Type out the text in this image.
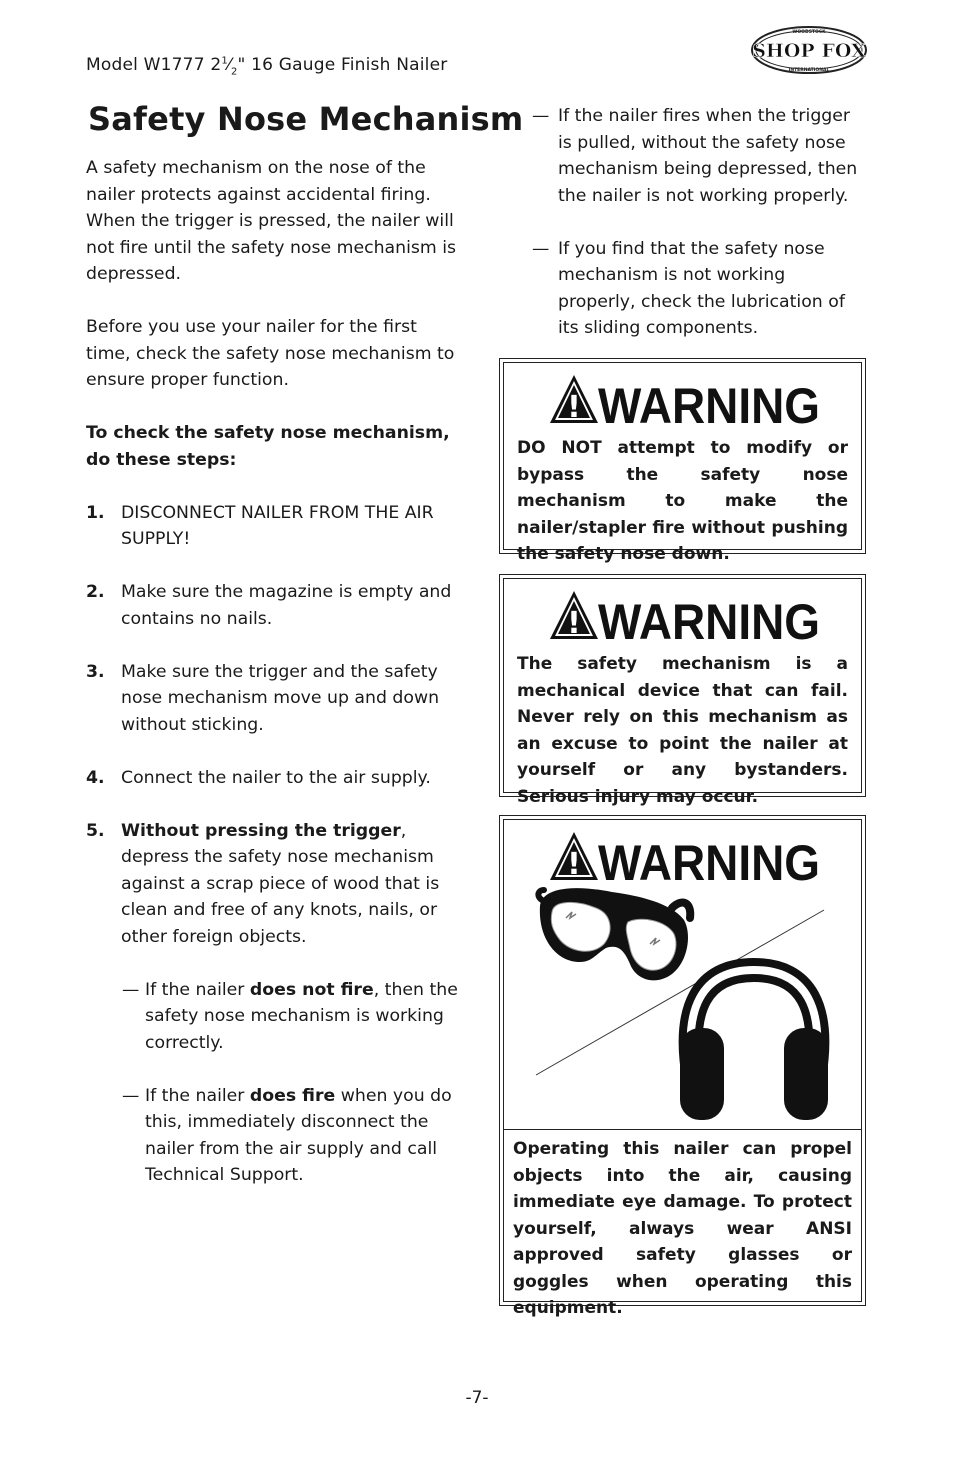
Model W1777 $2^1⁄_2$" 16 Gauge Finish Nailer
WOODSTOCK
SHOP FOX
INTERNATIONAL
Safety Nose Mechanism

A safety mechanism on the nose of the nailer protects against accidental firing. When the trigger is pressed, the nailer will not fire until the safety nose mechanism is depressed.

Before you use your nailer for the first time, check the safety nose mechanism to ensure proper function.

To check the safety nose mechanism, do these steps:

1. DISCONNECT NAILER FROM THE AIR SUPPLY!
2. Make sure the magazine is empty and contains no nails.
3. Make sure the trigger and the safety nose mechanism move up and down without sticking.
4. Connect the nailer to the air supply.
5. Without pressing the trigger, depress the safety nose mechanism against a scrap piece of wood that is clean and free of any knots, nails, or other foreign objects.
— If the nailer does not fire, then the safety nose mechanism is working correctly.
— If the nailer does fire when you do this, immediately disconnect the nailer from the air supply and call Technical Support.
— If the nailer fires when the trigger is pulled, without the safety nose mechanism being depressed, then the nailer is not working properly.
— If you find that the safety nose mechanism is not working properly, check the lubrication of its sliding components.
! WARNING
DO NOT attempt to modify or bypass the safety nose mechanism to make the nailer/stapler fire without pushing the safety nose down.
! WARNING
The safety mechanism is a mechanical device that can fail. Never rely on this mechanism as an excuse to point the nailer at yourself or any bystanders. Serious injury may occur.
! WARNING
Operating this nailer can propel objects into the air, causing immediate eye damage. To protect yourself, always wear ANSI approved safety glasses or goggles when operating this equipment.
-7-
